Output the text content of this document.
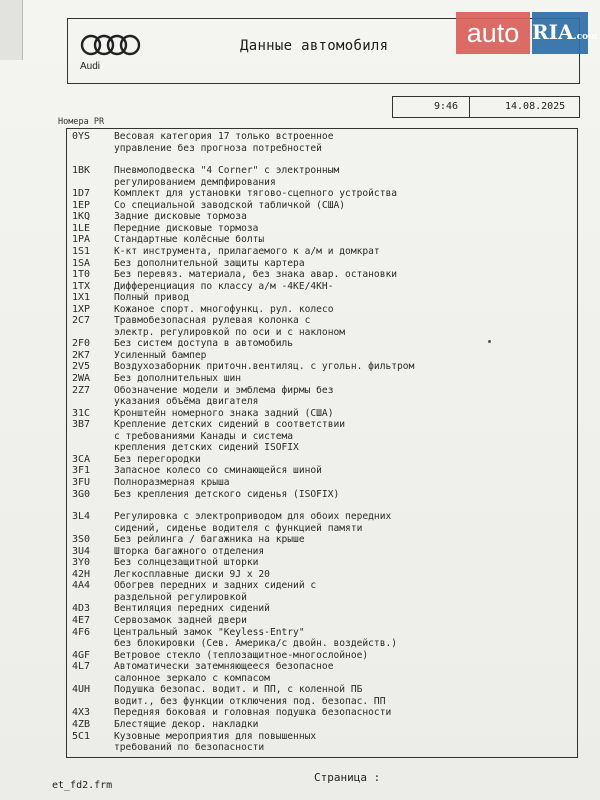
Audi
Данные автомобиля	auto RIA.com
9:46	14.08.2025
Номера PR
0YS Весовая категория 17 только встроенное
управление без прогноза потребностей
1BK Пневмоподвеска "4 Corner" с электронным
регулированием демпфирования
1D7 Комплект для установки тягово-сцепного устройства
1EP Со специальной заводской табличкой (США)
1KQ Задние дисковые тормоза
1LE Передние дисковые тормоза
1PA Стандартные колёсные болты
1S1 К-кт инструмента, прилагаемого к а/м и домкрат
1SA Без дополнительной защиты картера
1T0 Без перевяз. материала, без знака авар. остановки
1TX Дифференциация по классу а/м -4KE/4KH-
1X1 Полный привод
1XP Кожаное спорт. многофункц. рул. колесо
2C7 Травмобезопасная рулевая колонка с
электр. регулировкой по оси и с наклоном
2F0 Без систем доступа в автомобиль
2K7 Усиленный бампер
2V5 Воздухозаборник приточн.вентиляц. с угольн. фильтром
2WA Без дополнительных шин
2Z7 Обозначение модели и эмблема фирмы без
указания объёма двигателя
31C Кронштейн номерного знака задний (США)
3B7 Крепление детских сидений в соответствии
с требованиями Канады и система
крепления детских сидений ISOFIX
3CA Без перегородки
3F1 Запасное колесо со сминающейся шиной
3FU Полноразмерная крыша
3G0 Без крепления детского сиденья (ISOFIX)
3L4 Регулировка с электроприводом для обоих передних
сидений, сиденье водителя с функцией памяти
3S0 Без рейлинга / багажника на крыше
3U4 Шторка багажного отделения
3Y0 Без солнцезащитной шторки
42H Легкосплавные диски 9J x 20
4A4 Обогрев передних и задних сидений с
раздельной регулировкой
4D3 Вентиляция передних сидений
4E7 Сервозамок задней двери
4F6 Центральный замок "Keyless-Entry"
без блокировки (Сев. Америка/с двойн. воздейств.)
4GF Ветровое стекло (теплозащитное-многослойное)
4L7 Автоматически затемняющееся безопасное
салонное зеркало с компасом
4UH Подушка безопас. водит. и ПП, с коленной ПБ
водит., без функции отключения под. безопас. ПП
4X3 Передняя боковая и головная подушка безопасности
4ZB Блестящие декор. накладки
5C1 Кузовные мероприятия для повышенных
требований по безопасности
et_fd2.frm
Страница :
